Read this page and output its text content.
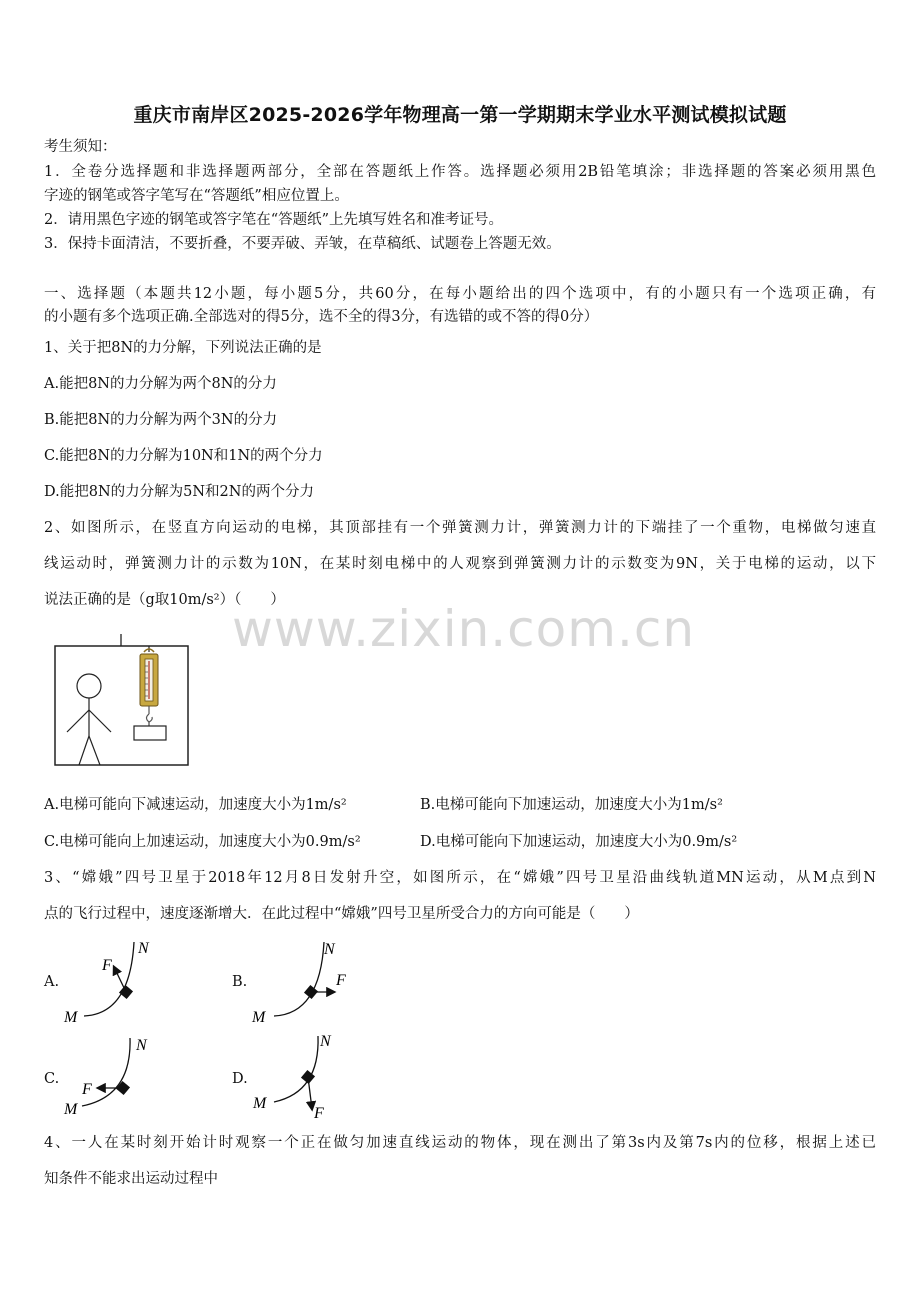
重庆市南岸区2025-2026学年物理高一第一学期期末学业水平测试模拟试题
考生须知：
1．全卷分选择题和非选择题两部分，全部在答题纸上作答。选择题必须用2B铅笔填涂；非选择题的答案必须用黑色
字迹的钢笔或答字笔写在“答题纸”相应位置上。
2．请用黑色字迹的钢笔或答字笔在“答题纸”上先填写姓名和准考证号。
3．保持卡面清洁，不要折叠，不要弄破、弄皱，在草稿纸、试题卷上答题无效。
一、选择题（本题共12小题，每小题5分，共60分，在每小题给出的四个选项中，有的小题只有一个选项正确，有
的小题有多个选项正确.全部选对的得5分，选不全的得3分，有选错的或不答的得0分）
1、关于把8N的力分解，下列说法正确的是
A.能把8N的力分解为两个8N的分力
B.能把8N的力分解为两个3N的分力
C.能把8N的力分解为10N和1N的两个分力
D.能把8N的力分解为5N和2N的两个分力
2、如图所示，在竖直方向运动的电梯，其顶部挂有一个弹簧测力计，弹簧测力计的下端挂了一个重物，电梯做匀速直
线运动时，弹簧测力计的示数为10N，在某时刻电梯中的人观察到弹簧测力计的示数变为9N，关于电梯的运动，以下
说法正确的是（g取10m/s²）（　　）
www.zixin.com.cn
A.电梯可能向下减速运动，加速度大小为1m/s²	B.电梯可能向下加速运动，加速度大小为1m/s²
C.电梯可能向上加速运动，加速度大小为0.9m/s²	D.电梯可能向下加速运动，加速度大小为0.9m/s²
3、“嫦娥”四号卫星于2018年12月8日发射升空，如图所示，在“嫦娥”四号卫星沿曲线轨道MN运动，从M点到N
点的飞行过程中，速度逐渐增大．在此过程中“嫦娥”四号卫星所受合力的方向可能是（　　）
A.	B.
C.	D.
F
N
M
F
N
M
F
N
M	F
N
M
4、一人在某时刻开始计时观察一个正在做匀加速直线运动的物体，现在测出了第3s内及第7s内的位移，根据上述已
知条件不能求出运动过程中
